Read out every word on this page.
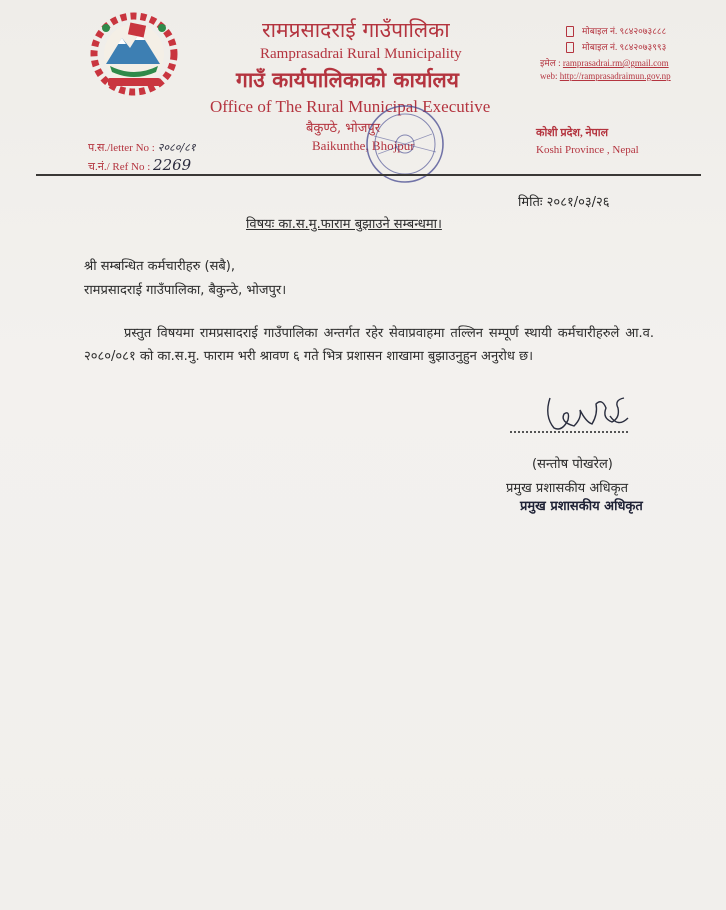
रामप्रसादराई गाउँपालिका
Ramprasadrai Rural Municipality
गाउँ कार्यपालिकाको कार्यालय
Office of The Rural Municipal Executive
बैकुण्ठे, भोजपुर
Baikunthe, Bhojpur
मोबाइल नं. ९८४२०७३८८८
मोबाइल नं. ९८४२०७३९९३
इमेल : ramprasadrai.rm@gmail.com
web: http://ramprasadraimun.gov.np
कोशी प्रदेश, नेपाल
Koshi Province , Nepal
प.स./letter No : २०८०/८१
च.नं./ Ref No : 2269
मितिः २०८१/०३/२६
विषयः का.स.मु.फाराम बुझाउने सम्बन्धमा।
श्री सम्बन्धित कर्मचारीहरु (सबै),
रामप्रसादराई गाउँपालिका, बैकुन्ठे, भोजपुर।
प्रस्तुत विषयमा रामप्रसादराई गाउँपालिका अन्तर्गत रहेर सेवाप्रवाहमा तल्लिन सम्पूर्ण स्थायी कर्मचारीहरुले आ.व. २०८०/०८१ को का.स.मु. फाराम भरी श्रावण ६ गते भित्र प्रशासन शाखामा बुझाउनुहुन अनुरोध छ।
(सन्तोष पोखरेल)
प्रमुख प्रशासकीय अधिकृत
प्रमुख प्रशासकीय अधिकृत
